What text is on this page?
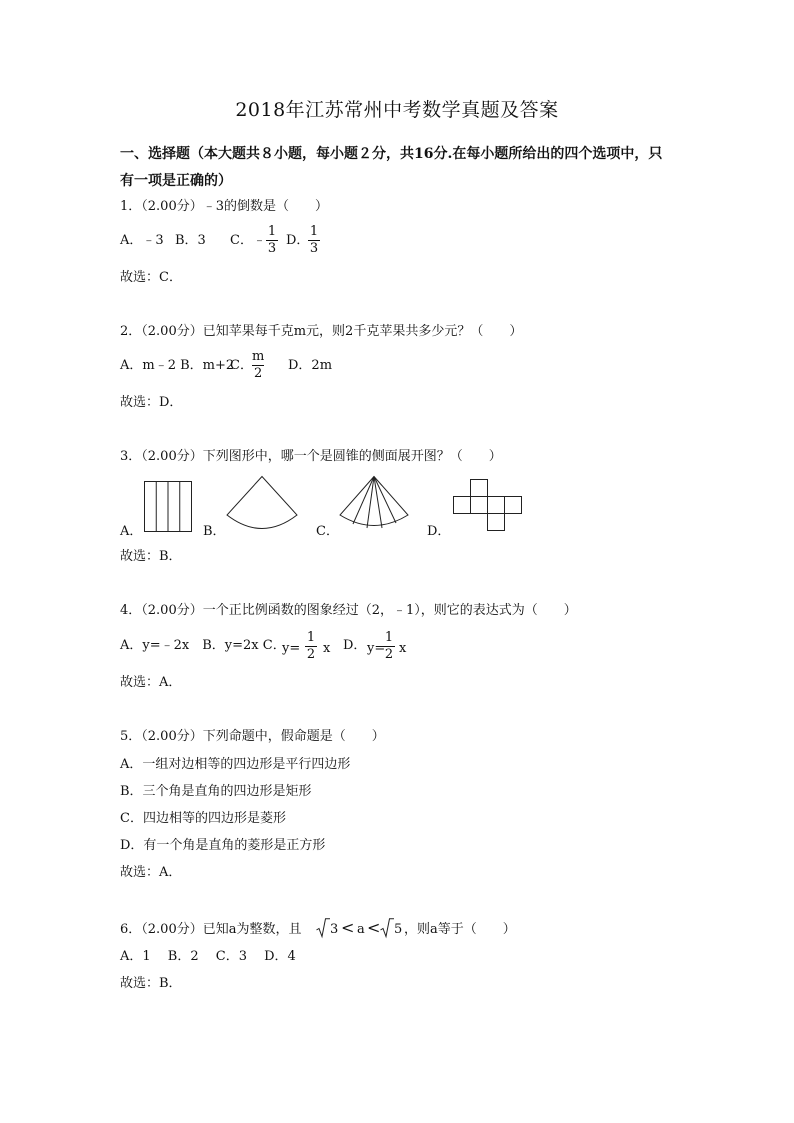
2018年江苏常州中考数学真题及答案
一、选择题（本大题共８小题，每小题２分，共16分.在每小题所给出的四个选项中，只
有一项是正确的）
1．（2.00分）﹣3的倒数是（　　）
A．﹣3 B．3 C．﹣
1
3
D．
1
3
故选：C．
2．（2.00分）已知苹果每千克m元，则2千克苹果共多少元？（　　）
A．m﹣2 B．m+2
C．
m
2
D．2m
故选：D．
3．（2.00分）下列图形中，哪一个是圆锥的侧面展开图？（　　）
A．	B．	C．	D．
故选：B．
4．（2.00分）一个正比例函数的图象经过（2，﹣1），则它的表达式为（　　）
A．y=﹣2x　B．y=2x C．
y=
1
2 x D． y=
1
2 x
故选：A．
5．（2.00分）下列命题中，假命题是（　　）
A．一组对边相等的四边形是平行四边形
B．三个角是直角的四边形是矩形
C．四边相等的四边形是菱形
D．有一个角是直角的菱形是正方形
故选：A．
6．（2.00分）已知a为整数，且 3 < a < 5 ，则a等于（　　）
A．1　 B．2　 C．3　 D．4
故选：B．
